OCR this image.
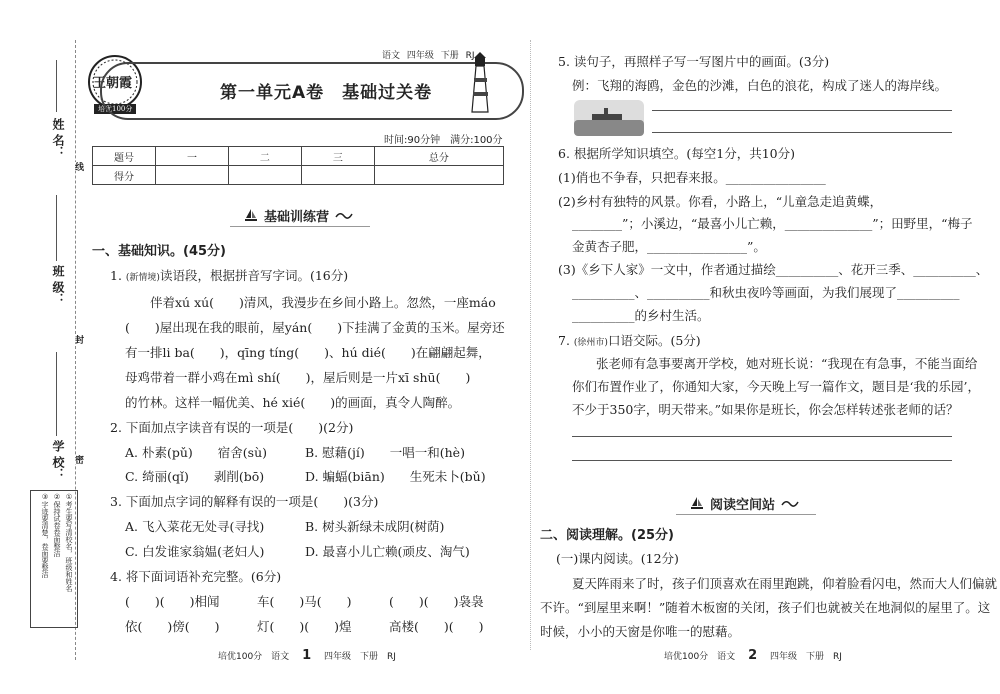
姓 名：
班 级：
学 校：
线
封
密
①考生要写清校名，班级和姓名
②保持试卷卷面整洁
③字迹要清楚，卷面要整洁
王朝霞
培优100分
语文 四年级 下册 RJ
第一单元A卷　基础过关卷
时间:90分钟　满分:100分
题号	一	二	三	总分
得分				
基础训练营
一、基础知识。(45分)
1. (新情境)读语段，根据拼音写字词。(16分)
伴着xú xú(　　)清风，我漫步在乡间小路上。忽然，一座máo
(　　)屋出现在我的眼前，屋yán(　　)下挂满了金黄的玉米。屋旁还
有一排li ba(　　)，qīng tíng(　　)、hú dié(　　)在翩翩起舞，
母鸡带着一群小鸡在mì shí(　　)，屋后则是一片xī shū(　　)
的竹林。这样一幅优美、hé xié(　　)的画面，真令人陶醉。
2. 下面加点字读音有误的一项是(　　)(2分)
A. 朴素(pǔ)　　宿舍(sù)	B. 慰藉(jí)　　一唱一和(hè)
C. 绮丽(qǐ)　　剥削(bō)	D. 蝙蝠(biān)　　生死未卜(bǔ)
3. 下面加点字词的解释有误的一项是(　　)(3分)
A. 飞入菜花无处寻(寻找)	B. 树头新绿未成阴(树荫)
C. 白发谁家翁媪(老妇人)	D. 最喜小儿亡赖(顽皮、淘气)
4. 将下面词语补充完整。(6分)
(　　)(　　)相闻　　　车(　　)马(　　)　　　(　　)(　　)袅袅
依(　　)傍(　　)　　　灯(　　)(　　)煌　　　高楼(　　)(　　)
5. 读句子，再照样子写一写图片中的画面。(3分)
例：飞翔的海鸥，金色的沙滩，白色的浪花，构成了迷人的海岸线。
6. 根据所学知识填空。(每空1分，共10分)
(1)俏也不争春，只把春来报。________________
(2)乡村有独特的风景。你看，小路上，“儿童急走追黄蝶，
________”；小溪边，“最喜小儿亡赖，______________”；田野里，“梅子
金黄杏子肥，________________”。
(3)《乡下人家》一文中，作者通过描绘__________、花开三季、__________、
__________、__________和秋虫夜吟等画面，为我们展现了__________
__________的乡村生活。
7. (徐州市)口语交际。(5分)
张老师有急事要离开学校，她对班长说：“我现在有急事，不能当面给
你们布置作业了，你通知大家，今天晚上写一篇作文，题目是‘我的乐园’，
不少于350字，明天带来。”如果你是班长，你会怎样转述张老师的话？
阅读空间站
二、阅读理解。(25分)
(一)课内阅读。(12分)
夏天阵雨来了时，孩子们顶喜欢在雨里跑跳，仰着脸看闪电，然而大人们偏就
不许。“到屋里来啊！”随着木板窗的关闭，孩子们也就被关在地洞似的屋里了。这
时候，小小的天窗是你唯一的慰藉。
培优100分　语文 1 四年级　下册　RJ	培优100分　语文 2 四年级　下册　RJ
